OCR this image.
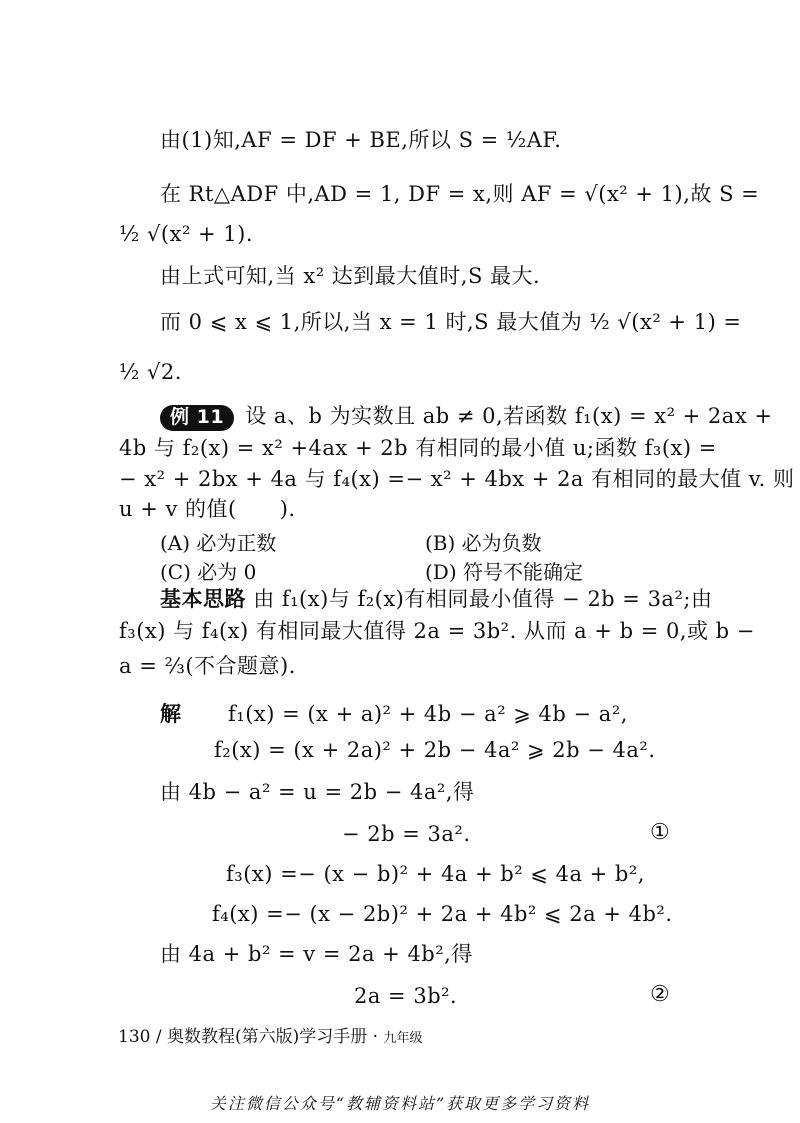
由(1)知,AF = DF + BE,所以 S = ½AF.
在 Rt△ADF 中,AD = 1, DF = x,则 AF = √(x² + 1),故 S =
½ √(x² + 1).
由上式可知,当 x² 达到最大值时,S 最大.
而 0 ⩽ x ⩽ 1,所以,当 x = 1 时,S 最大值为 ½ √(x² + 1) =
½ √2.
例 11 设 a、b 为实数且 ab ≠ 0,若函数 f₁(x) = x² + 2ax +
4b 与 f₂(x) = x² +4ax + 2b 有相同的最小值 u;函数 f₃(x) =
− x² + 2bx + 4a 与 f₄(x) =− x² + 4bx + 2a 有相同的最大值 v. 则
u + v 的值(　　).
(A) 必为正数	(B) 必为负数
(C) 必为 0	(D) 符号不能确定
基本思路 由 f₁(x)与 f₂(x)有相同最小值得 − 2b = 3a²;由
f₃(x) 与 f₄(x) 有相同最大值得 2a = 3b². 从而 a + b = 0,或 b −
a = ⅔(不合题意).
解 f₁(x) = (x + a)² + 4b − a² ⩾ 4b − a²,
f₂(x) = (x + 2a)² + 2b − 4a² ⩾ 2b − 4a².
由 4b − a² = u = 2b − 4a²,得
− 2b = 3a².	①
f₃(x) =− (x − b)² + 4a + b² ⩽ 4a + b²,
f₄(x) =− (x − 2b)² + 2a + 4b² ⩽ 2a + 4b².
由 4a + b² = v = 2a + 4b²,得
2a = 3b².	②
130 / 奥数教程(第六版)学习手册 · 九年级
关注微信公众号“教辅资料站”获取更多学习资料
